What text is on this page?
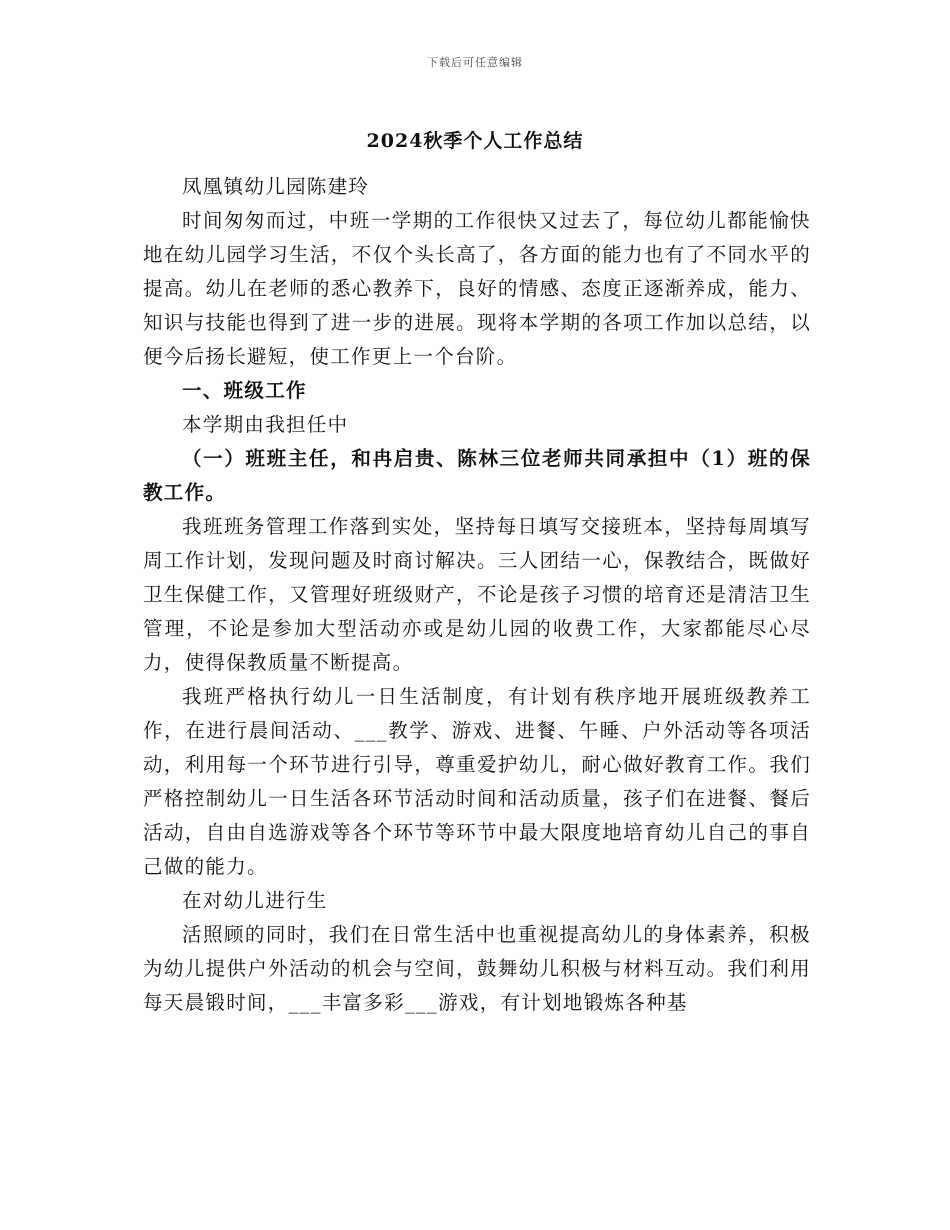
下载后可任意编辑
2024秋季个人工作总结

凤凰镇幼儿园陈建玲

时间匆匆而过，中班一学期的工作很快又过去了，每位幼儿都能愉快地在幼儿园学习生活，不仅个头长高了，各方面的能力也有了不同水平的提高。幼儿在老师的悉心教养下，良好的情感、态度正逐渐养成，能力、知识与技能也得到了进一步的进展。现将本学期的各项工作加以总结，以便今后扬长避短，使工作更上一个台阶。

一、班级工作

本学期由我担任中

（一）班班主任，和冉启贵、陈林三位老师共同承担中（1）班的保教工作。

我班班务管理工作落到实处，坚持每日填写交接班本，坚持每周填写周工作计划，发现问题及时商讨解决。三人团结一心，保教结合，既做好卫生保健工作，又管理好班级财产，不论是孩子习惯的培育还是清洁卫生管理，不论是参加大型活动亦或是幼儿园的收费工作，大家都能尽心尽力，使得保教质量不断提高。

我班严格执行幼儿一日生活制度，有计划有秩序地开展班级教养工作，在进行晨间活动、___教学、游戏、进餐、午睡、户外活动等各项活动，利用每一个环节进行引导，尊重爱护幼儿，耐心做好教育工作。我们严格控制幼儿一日生活各环节活动时间和活动质量，孩子们在进餐、餐后活动，自由自选游戏等各个环节等环节中最大限度地培育幼儿自己的事自己做的能力。

在对幼儿进行生

活照顾的同时，我们在日常生活中也重视提高幼儿的身体素养，积极为幼儿提供户外活动的机会与空间，鼓舞幼儿积极与材料互动。我们利用每天晨锻时间，___丰富多彩___游戏，有计划地锻炼各种基
